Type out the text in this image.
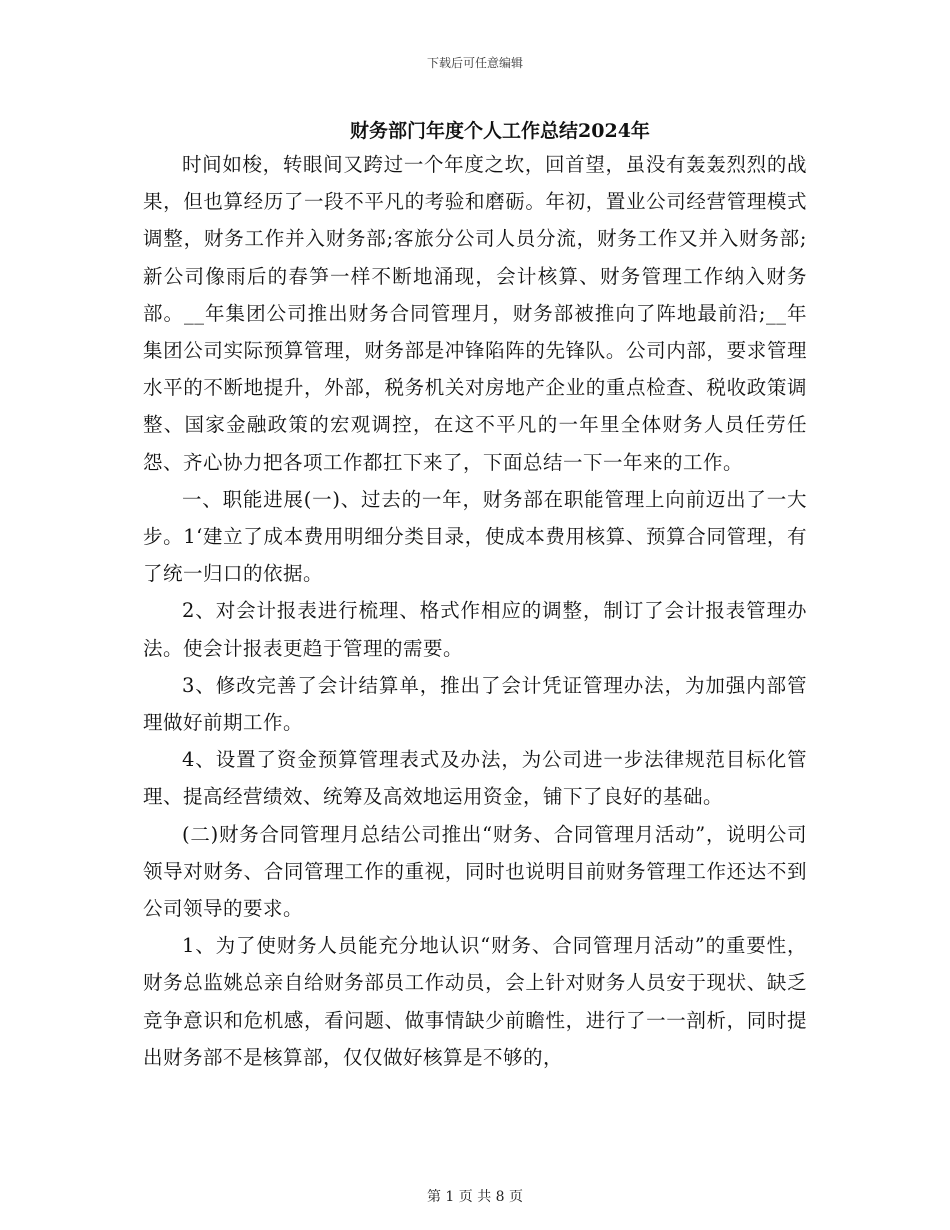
下载后可任意编辑
财务部门年度个人工作总结2024年

时间如梭，转眼间又跨过一个年度之坎，回首望，虽没有轰轰烈烈的战果，但也算经历了一段不平凡的考验和磨砺。年初，置业公司经营管理模式调整，财务工作并入财务部;客旅分公司人员分流，财务工作又并入财务部;新公司像雨后的春笋一样不断地涌现，会计核算、财务管理工作纳入财务部。__年集团公司推出财务合同管理月，财务部被推向了阵地最前沿;__年集团公司实际预算管理，财务部是冲锋陷阵的先锋队。公司内部，要求管理水平的不断地提升，外部，税务机关对房地产企业的重点检查、税收政策调整、国家金融政策的宏观调控，在这不平凡的一年里全体财务人员任劳任怨、齐心协力把各项工作都扛下来了，下面总结一下一年来的工作。

一、职能进展(一)、过去的一年，财务部在职能管理上向前迈出了一大步。1‘建立了成本费用明细分类目录，使成本费用核算、预算合同管理，有了统一归口的依据。

2、对会计报表进行梳理、格式作相应的调整，制订了会计报表管理办法。使会计报表更趋于管理的需要。

3、修改完善了会计结算单，推出了会计凭证管理办法，为加强内部管理做好前期工作。

4、设置了资金预算管理表式及办法，为公司进一步法律规范目标化管理、提高经营绩效、统筹及高效地运用资金，铺下了良好的基础。

(二)财务合同管理月总结公司推出“财务、合同管理月活动”，说明公司领导对财务、合同管理工作的重视，同时也说明目前财务管理工作还达不到公司领导的要求。

1、为了使财务人员能充分地认识“财务、合同管理月活动”的重要性，财务总监姚总亲自给财务部员工作动员，会上针对财务人员安于现状、缺乏竞争意识和危机感，看问题、做事情缺少前瞻性，进行了一一剖析，同时提出财务部不是核算部，仅仅做好核算是不够的，

第 1 页 共 8 页
